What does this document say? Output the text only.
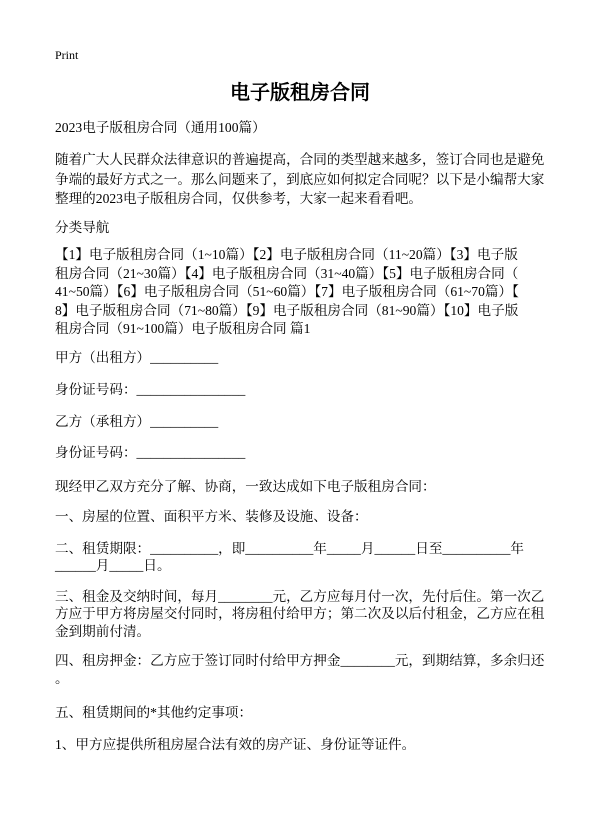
Print
电子版租房合同
2023电子版租房合同（通用100篇）
随着广大人民群众法律意识的普遍提高，合同的类型越来越多，签订合同也是避免
争端的最好方式之一。那么问题来了，到底应如何拟定合同呢？以下是小编帮大家
整理的2023电子版租房合同，仅供参考，大家一起来看看吧。
分类导航
【1】电子版租房合同（1~10篇）【2】电子版租房合同（11~20篇）【3】电子版
租房合同（21~30篇）【4】电子版租房合同（31~40篇）【5】电子版租房合同（
41~50篇）【6】电子版租房合同（51~60篇）【7】电子版租房合同（61~70篇）【
8】电子版租房合同（71~80篇）【9】电子版租房合同（81~90篇）【10】电子版
租房合同（91~100篇）电子版租房合同 篇1
甲方（出租方）__________
身份证号码：________________
乙方（承租方）__________
身份证号码：________________
现经甲乙双方充分了解、协商，一致达成如下电子版租房合同：
一、房屋的位置、面积平方米、装修及设施、设备：
二、租赁期限：__________，即__________年_____月______日至__________年
______月_____日。
三、租金及交纳时间，每月________元，乙方应每月付一次，先付后住。第一次乙
方应于甲方将房屋交付同时，将房租付给甲方；第二次及以后付租金，乙方应在租
金到期前付清。
四、租房押金：乙方应于签订同时付给甲方押金________元，到期结算，多余归还
。
五、租赁期间的*其他约定事项：
1、甲方应提供所租房屋合法有效的房产证、身份证等证件。
